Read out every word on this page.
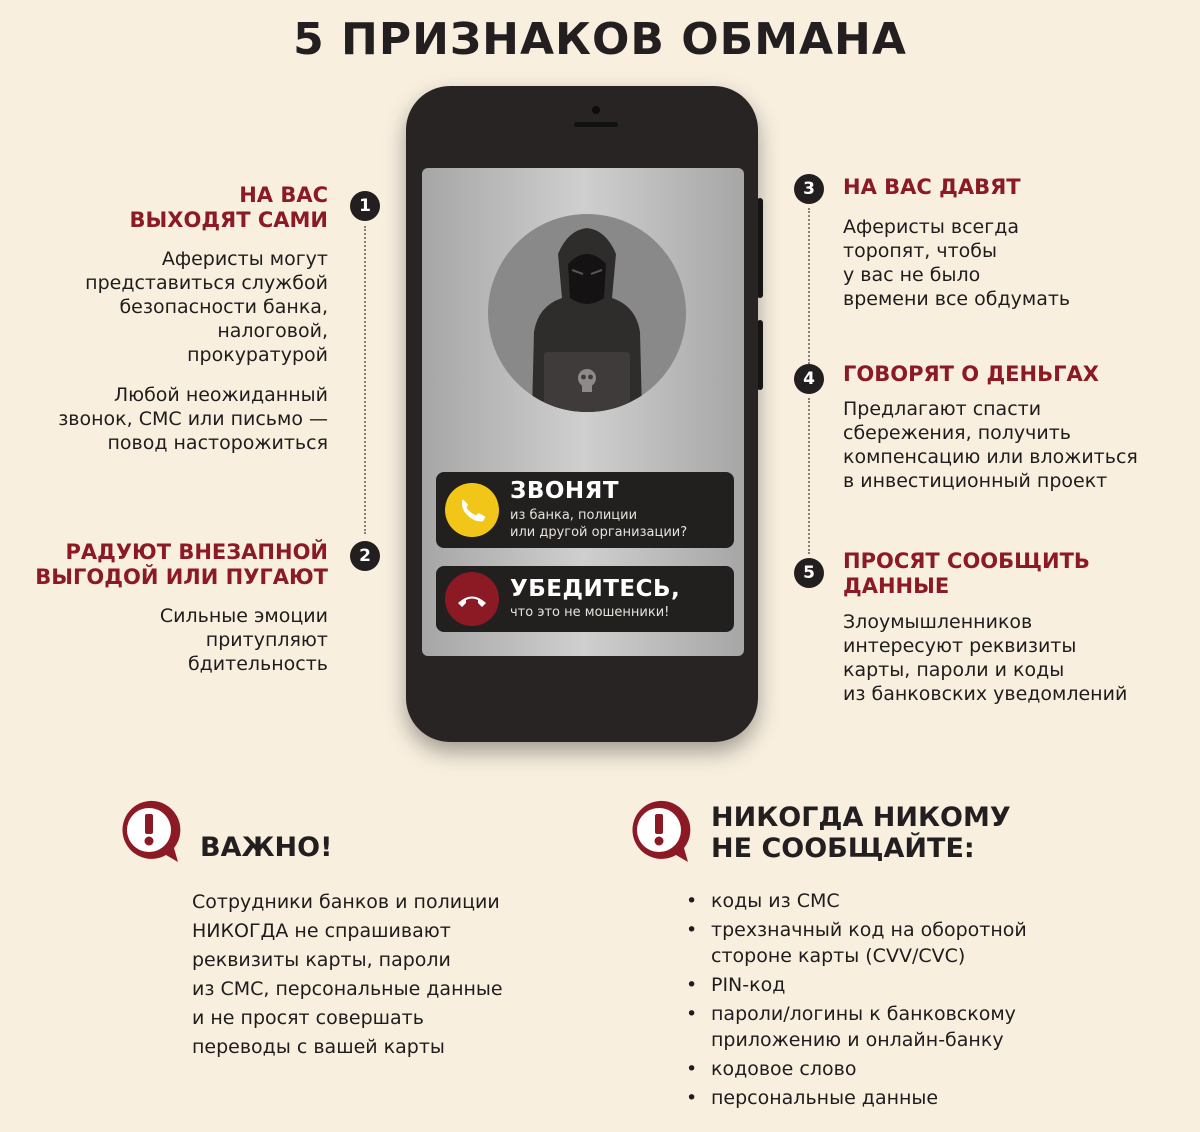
5 ПРИЗНАКОВ ОБМАНА
НА ВАС
ВЫХОДЯТ САМИ
Аферисты могут
представиться службой
безопасности банка,
налоговой,
прокуратурой
Любой неожиданный
звонок, СМС или письмо —
повод насторожиться
1
РАДУЮТ ВНЕЗАПНОЙ
ВЫГОДОЙ ИЛИ ПУГАЮТ
Сильные эмоции
притупляют
бдительность
2
3	НА ВАС ДАВЯТ
Аферисты всегда
торопят, чтобы
у вас не было
времени все обдумать
4	ГОВОРЯТ О ДЕНЬГАХ
Предлагают спасти
сбережения, получить
компенсацию или вложиться
в инвестиционный проект
5	ПРОСЯТ СООБЩИТЬ
ДАННЫЕ
Злоумышленников
интересуют реквизиты
карты, пароли и коды
из банковских уведомлений
ЗВОНЯТ
из банка, полиции
или другой организации?
УБЕДИТЕСЬ,
что это не мошенники!
ВАЖНО!
Сотрудники банков и полиции
НИКОГДА не спрашивают
реквизиты карты, пароли
из СМС, персональные данные
и не просят совершать
переводы с вашей карты
НИКОГДА НИКОМУ
НЕ СООБЩАЙТЕ:
• коды из СМС
• трехзначный код на оборотной
стороне карты (CVV/CVC)
• PIN-код
• пароли/логины к банковскому
приложению и онлайн-банку
• кодовое слово
• персональные данные
